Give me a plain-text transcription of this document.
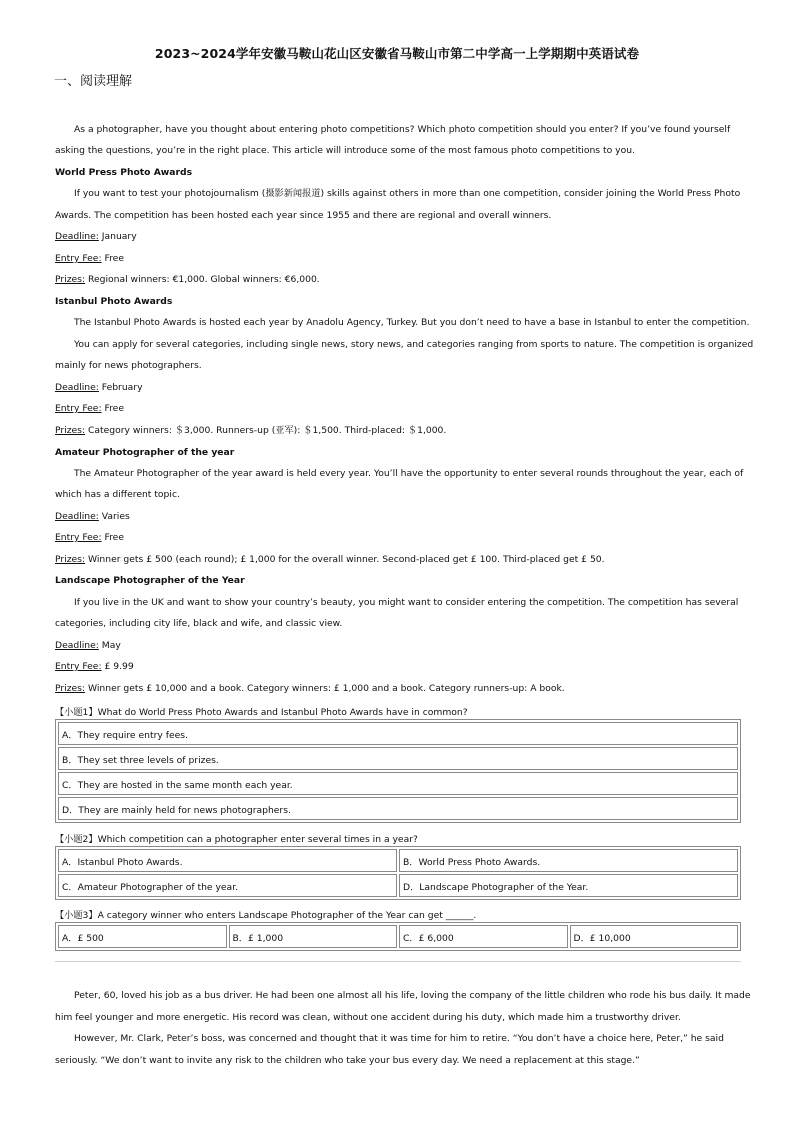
2023~2024学年安徽马鞍山花山区安徽省马鞍山市第二中学高一上学期期中英语试卷
一、阅读理解
As a photographer, have you thought about entering photo competitions? Which photo competition should you enter? If you’ve found yourself
asking the questions, you’re in the right place. This article will introduce some of the most famous photo competitions to you.
World Press Photo Awards
If you want to test your photojournalism (摄影新闻报道) skills against others in more than one competition, consider joining the World Press Photo
Awards. The competition has been hosted each year since 1955 and there are regional and overall winners.
Deadline: January
Entry Fee: Free
Prizes: Regional winners: €1,000. Global winners: €6,000.
Istanbul Photo Awards
The Istanbul Photo Awards is hosted each year by Anadolu Agency, Turkey. But you don’t need to have a base in Istanbul to enter the competition.
You can apply for several categories, including single news, story news, and categories ranging from sports to nature. The competition is organized
mainly for news photographers.
Deadline: February
Entry Fee: Free
Prizes: Category winners: ＄3,000. Runners-up (亚军): ＄1,500. Third-placed: ＄1,000.
Amateur Photographer of the year
The Amateur Photographer of the year award is held every year. You’ll have the opportunity to enter several rounds throughout the year, each of
which has a different topic.
Deadline: Varies
Entry Fee: Free
Prizes: Winner gets £ 500 (each round); £ 1,000 for the overall winner. Second-placed get £ 100. Third-placed get £ 50.
Landscape Photographer of the Year
If you live in the UK and want to show your country’s beauty, you might want to consider entering the competition. The competition has several
categories, including city life, black and wife, and classic view.
Deadline: May
Entry Fee: £ 9.99
Prizes: Winner gets £ 10,000 and a book. Category winners: £ 1,000 and a book. Category runners-up: A book.
【小题1】What do World Press Photo Awards and Istanbul Photo Awards have in common?
A．They require entry fees.
B．They set three levels of prizes.
C．They are hosted in the same month each year.
D．They are mainly held for news photographers.
【小题2】Which competition can a photographer enter several times in a year?
A．Istanbul Photo Awards.	B．World Press Photo Awards.
C．Amateur Photographer of the year.	D．Landscape Photographer of the Year.
【小题3】A category winner who enters Landscape Photographer of the Year can get ______.
A．£ 500	B．£ 1,000	C．£ 6,000	D．£ 10,000
Peter, 60, loved his job as a bus driver. He had been one almost all his life, loving the company of the little children who rode his bus daily. It made
him feel younger and more energetic. His record was clean, without one accident during his duty, which made him a trustworthy driver.
However, Mr. Clark, Peter’s boss, was concerned and thought that it was time for him to retire. “You don’t have a choice here, Peter,” he said
seriously. “We don’t want to invite any risk to the children who take your bus every day. We need a replacement at this stage.”
